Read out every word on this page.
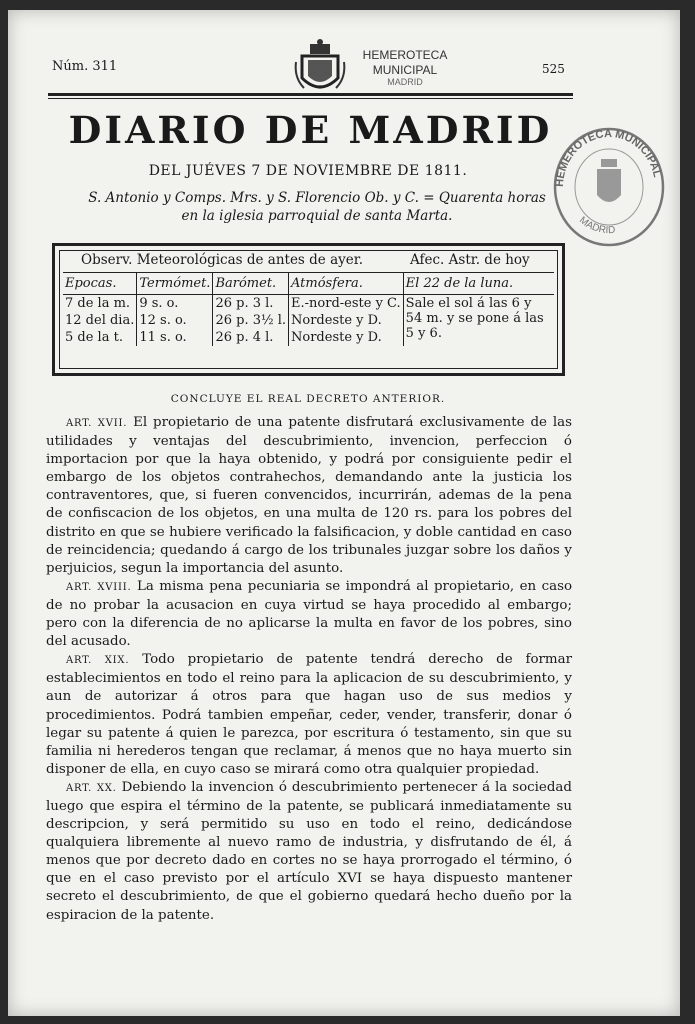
Núm. 311
HEMEROTECA
MUNICIPAL
MADRID
525
DIARIO DE MADRID
DEL JUÉVES 7 DE NOVIEMBRE DE 1811.
S. Antonio y Comps. Mrs. y S. Florencio Ob. y C. = Quarenta horas
en la iglesia parroquial de santa Marta.
HEMEROTECA MUNICIPAL
MADRID
Observ. Meteorológicas de antes de ayer.	Afec. Astr. de hoy
Epocas.	Termómet.	Barómet.	Atmósfera.	El 22 de la luna.
7 de la m.	9 s. o.	26 p. 3 l.	E.-nord-este y C.	Sale el sol á las 6 y 54 m. y se pone á las 5 y 6.
12 del dia.	12 s. o.	26 p. 3½ l.	Nordeste y D.	
5 de la t.	11 s. o.	26 p. 4 l.	Nordeste y D.	
CONCLUYE EL REAL DECRETO ANTERIOR.

ART. XVII. El propietario de una patente disfrutará exclusivamente de las utilidades y ventajas del descubrimiento, invencion, perfeccion ó importacion por que la haya obtenido, y podrá por consiguiente pedir el embargo de los objetos contrahechos, demandando ante la justicia los contraventores, que, si fueren convencidos, incurrirán, ademas de la pena de confiscacion de los objetos, en una multa de 120 rs. para los pobres del distrito en que se hubiere verificado la falsificacion, y doble cantidad en caso de reincidencia; quedando á cargo de los tribunales juzgar sobre los daños y perjuicios, segun la importancia del asunto.

ART. XVIII. La misma pena pecuniaria se impondrá al propietario, en caso de no probar la acusacion en cuya virtud se haya procedido al embargo; pero con la diferencia de no aplicarse la multa en favor de los pobres, sino del acusado.

ART. XIX. Todo propietario de patente tendrá derecho de formar establecimientos en todo el reino para la aplicacion de su descubrimiento, y aun de autorizar á otros para que hagan uso de sus medios y procedimientos. Podrá tambien empeñar, ceder, vender, transferir, donar ó legar su patente á quien le parezca, por escritura ó testamento, sin que su familia ni herederos tengan que reclamar, á menos que no haya muerto sin disponer de ella, en cuyo caso se mirará como otra qualquier propiedad.

ART. XX. Debiendo la invencion ó descubrimiento pertenecer á la sociedad luego que espira el término de la patente, se publicará inmediatamente su descripcion, y será permitido su uso en todo el reino, dedicándose qualquiera libremente al nuevo ramo de industria, y disfrutando de él, á menos que por decreto dado en cortes no se haya prorrogado el término, ó que en el caso previsto por el artículo XVI se haya dispuesto mantener secreto el descubrimiento, de que el gobierno quedará hecho dueño por la espiracion de la patente.
